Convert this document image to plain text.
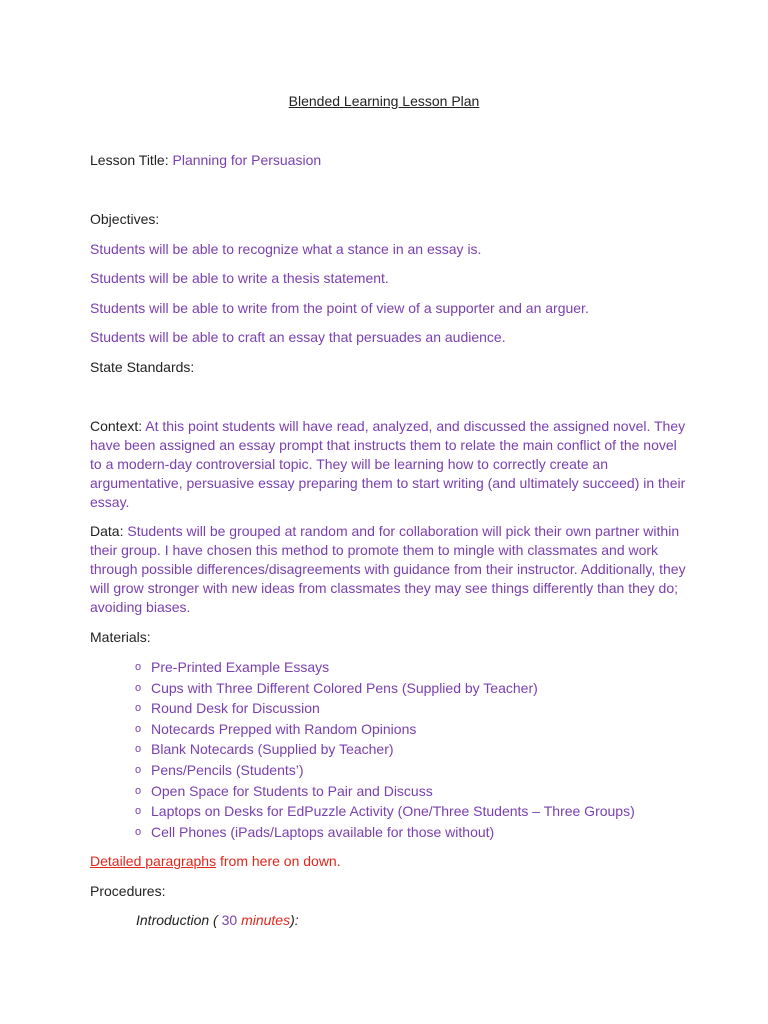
Blended Learning Lesson Plan
Lesson Title: Planning for Persuasion
Objectives:
Students will be able to recognize what a stance in an essay is.
Students will be able to write a thesis statement.
Students will be able to write from the point of view of a supporter and an arguer.
Students will be able to craft an essay that persuades an audience.
State Standards:
Context: At this point students will have read, analyzed, and discussed the assigned novel. They have been assigned an essay prompt that instructs them to relate the main conflict of the novel to a modern-day controversial topic. They will be learning how to correctly create an argumentative, persuasive essay preparing them to start writing (and ultimately succeed) in their essay.
Data: Students will be grouped at random and for collaboration will pick their own partner within their group. I have chosen this method to promote them to mingle with classmates and work through possible differences/disagreements with guidance from their instructor. Additionally, they will grow stronger with new ideas from classmates they may see things differently than they do; avoiding biases.
Materials:
o Pre-Printed Example Essays
o Cups with Three Different Colored Pens (Supplied by Teacher)
o Round Desk for Discussion
o Notecards Prepped with Random Opinions
o Blank Notecards (Supplied by Teacher)
o Pens/Pencils (Students’)
o Open Space for Students to Pair and Discuss
o Laptops on Desks for EdPuzzle Activity (One/Three Students – Three Groups)
o Cell Phones (iPads/Laptops available for those without)
Detailed paragraphs from here on down.
Procedures:
Introduction ( 30 minutes):
